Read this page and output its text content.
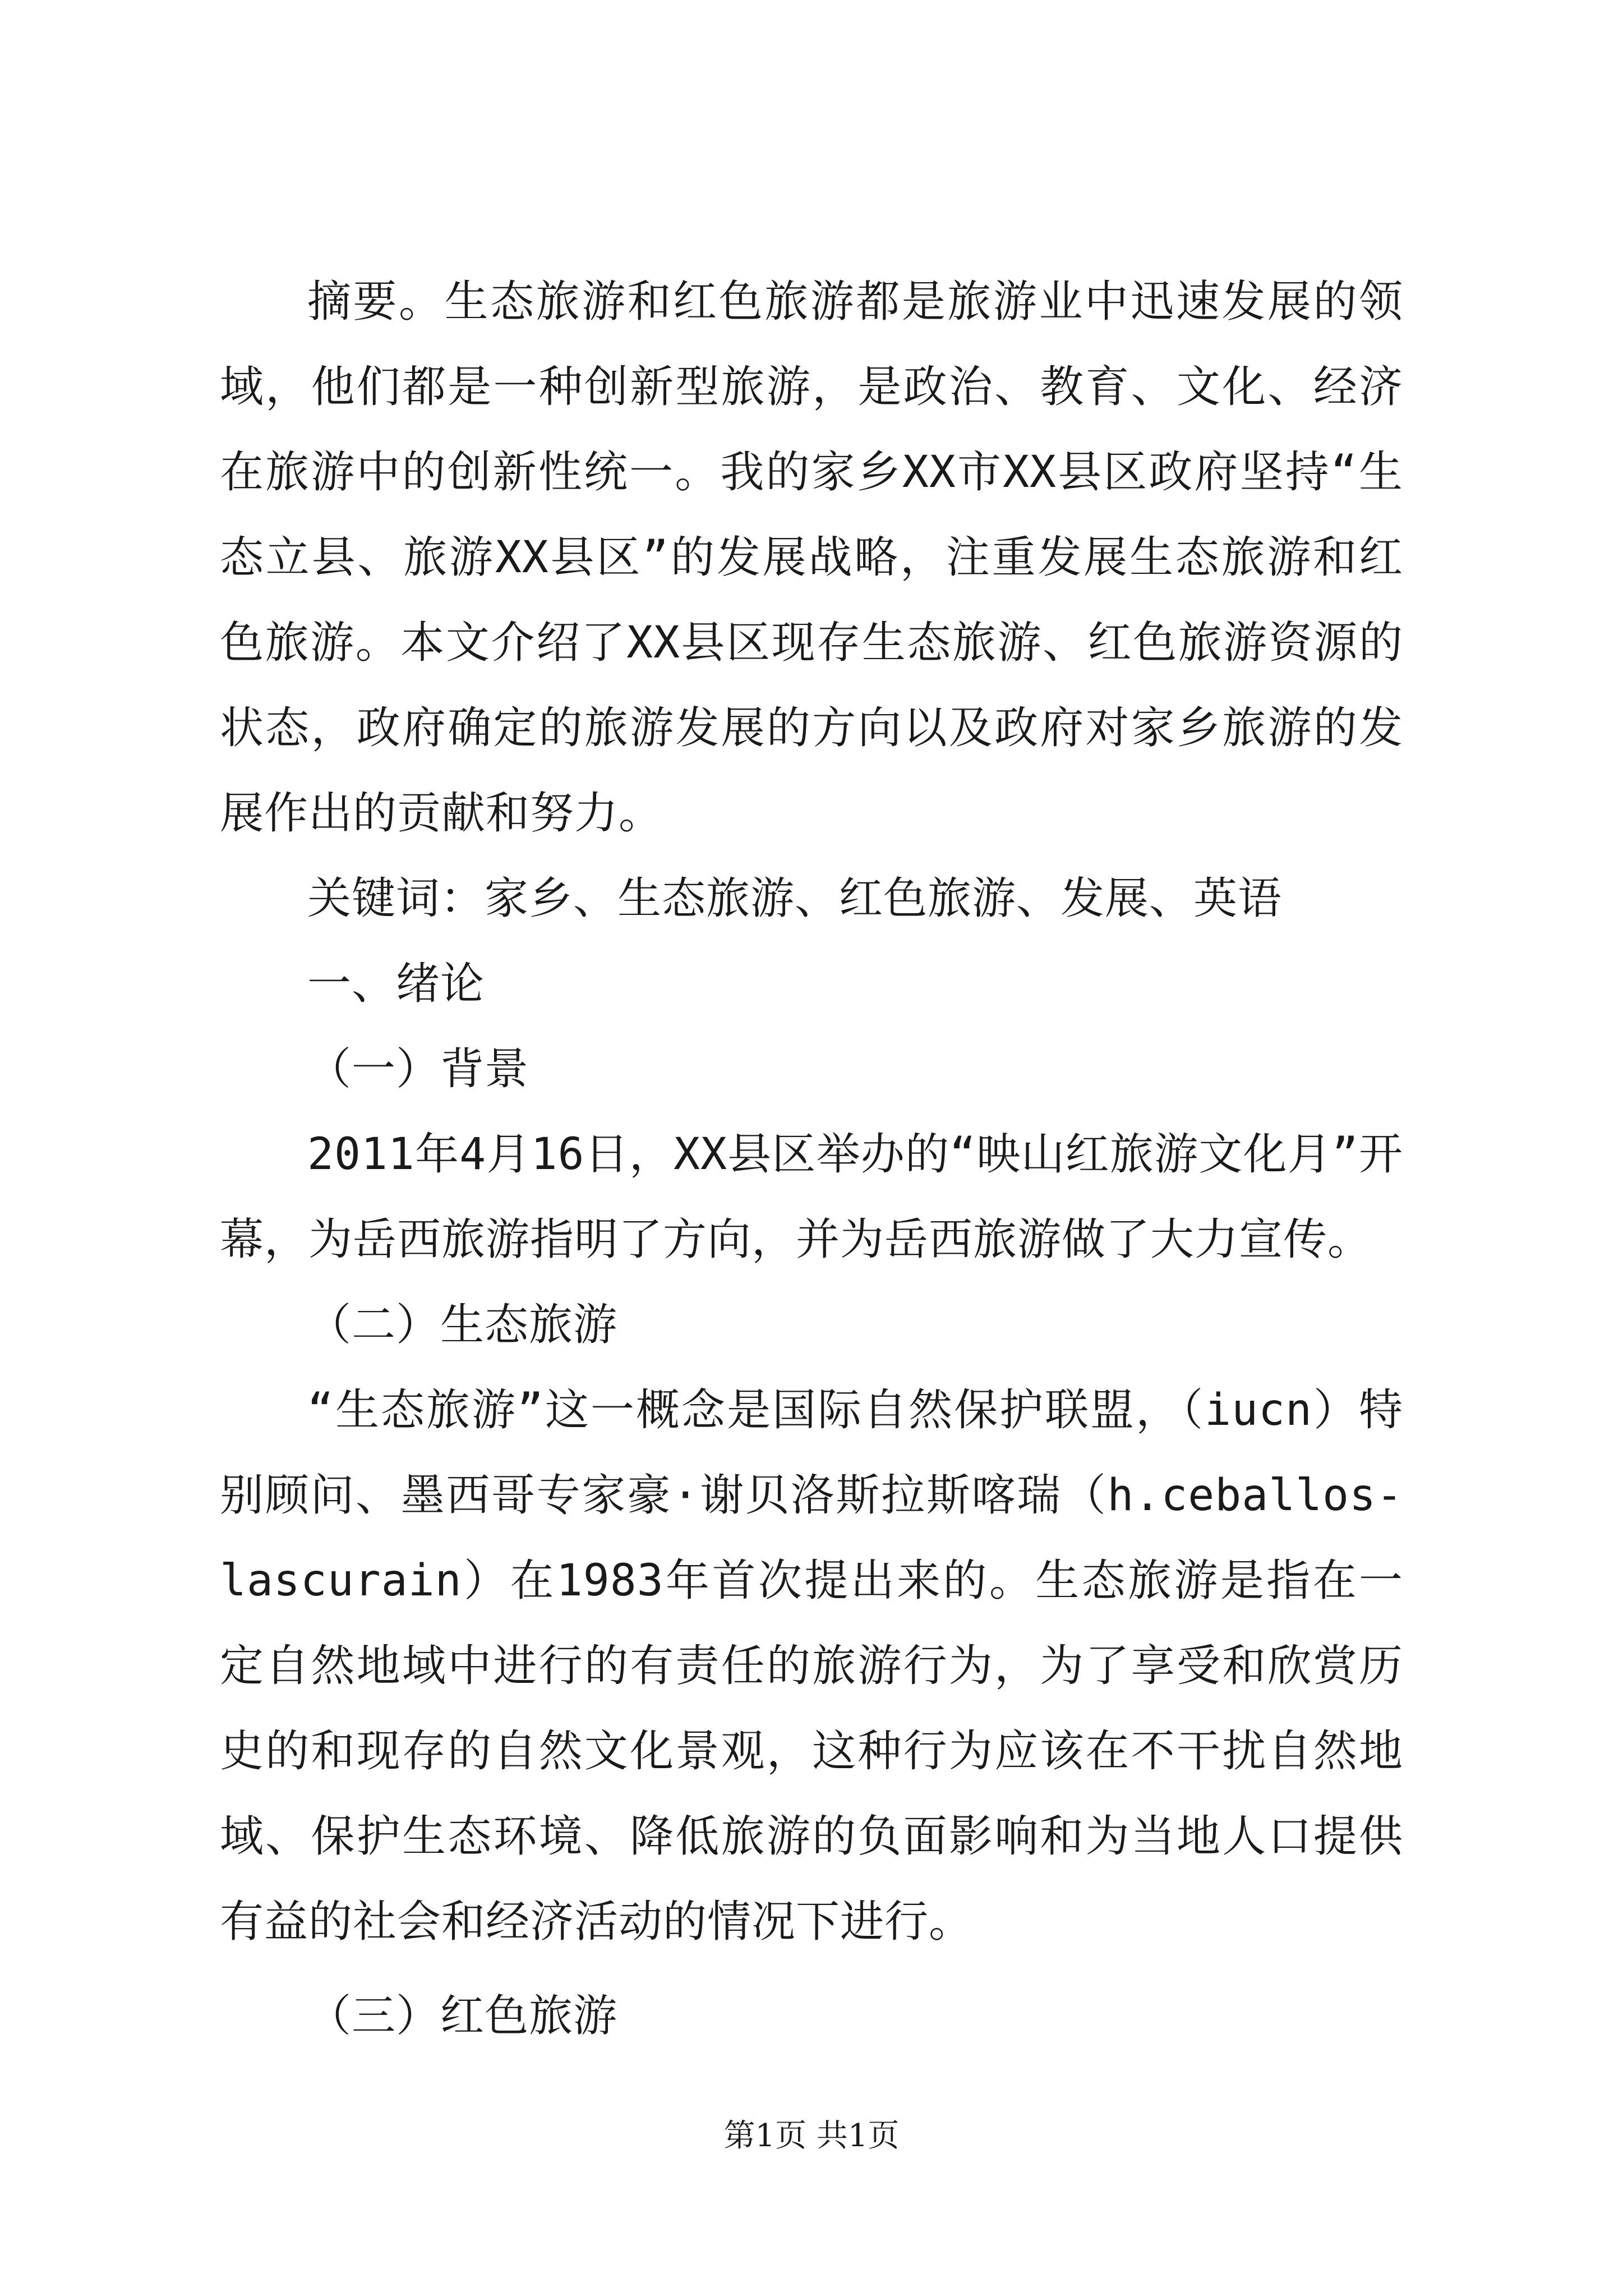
摘要。生态旅游和红色旅游都是旅游业中迅速发展的领域，他们都是一种创新型旅游，是政治、教育、文化、经济在旅游中的创新性统一。我的家乡XX市XX县区政府坚持“生态立县、旅游XX县区”的发展战略，注重发展生态旅游和红色旅游。本文介绍了XX县区现存生态旅游、红色旅游资源的状态，政府确定的旅游发展的方向以及政府对家乡旅游的发展作出的贡献和努力。

关键词：家乡、生态旅游、红色旅游、发展、英语

一、绪论

（一）背景

2011年4月16日，XX县区举办的“映山红旅游文化月”开幕，为岳西旅游指明了方向，并为岳西旅游做了大力宣传。

（二）生态旅游

“生态旅游”这一概念是国际自然保护联盟，（iucn）特别顾问、墨西哥专家豪·谢贝洛斯拉斯喀瑞（h.ceballos-lascurain）在1983年首次提出来的。生态旅游是指在一定自然地域中进行的有责任的旅游行为，为了享受和欣赏历史的和现存的自然文化景观，这种行为应该在不干扰自然地域、保护生态环境、降低旅游的负面影响和为当地人口提供有益的社会和经济活动的情况下进行。

（三）红色旅游

第1页 共1页
